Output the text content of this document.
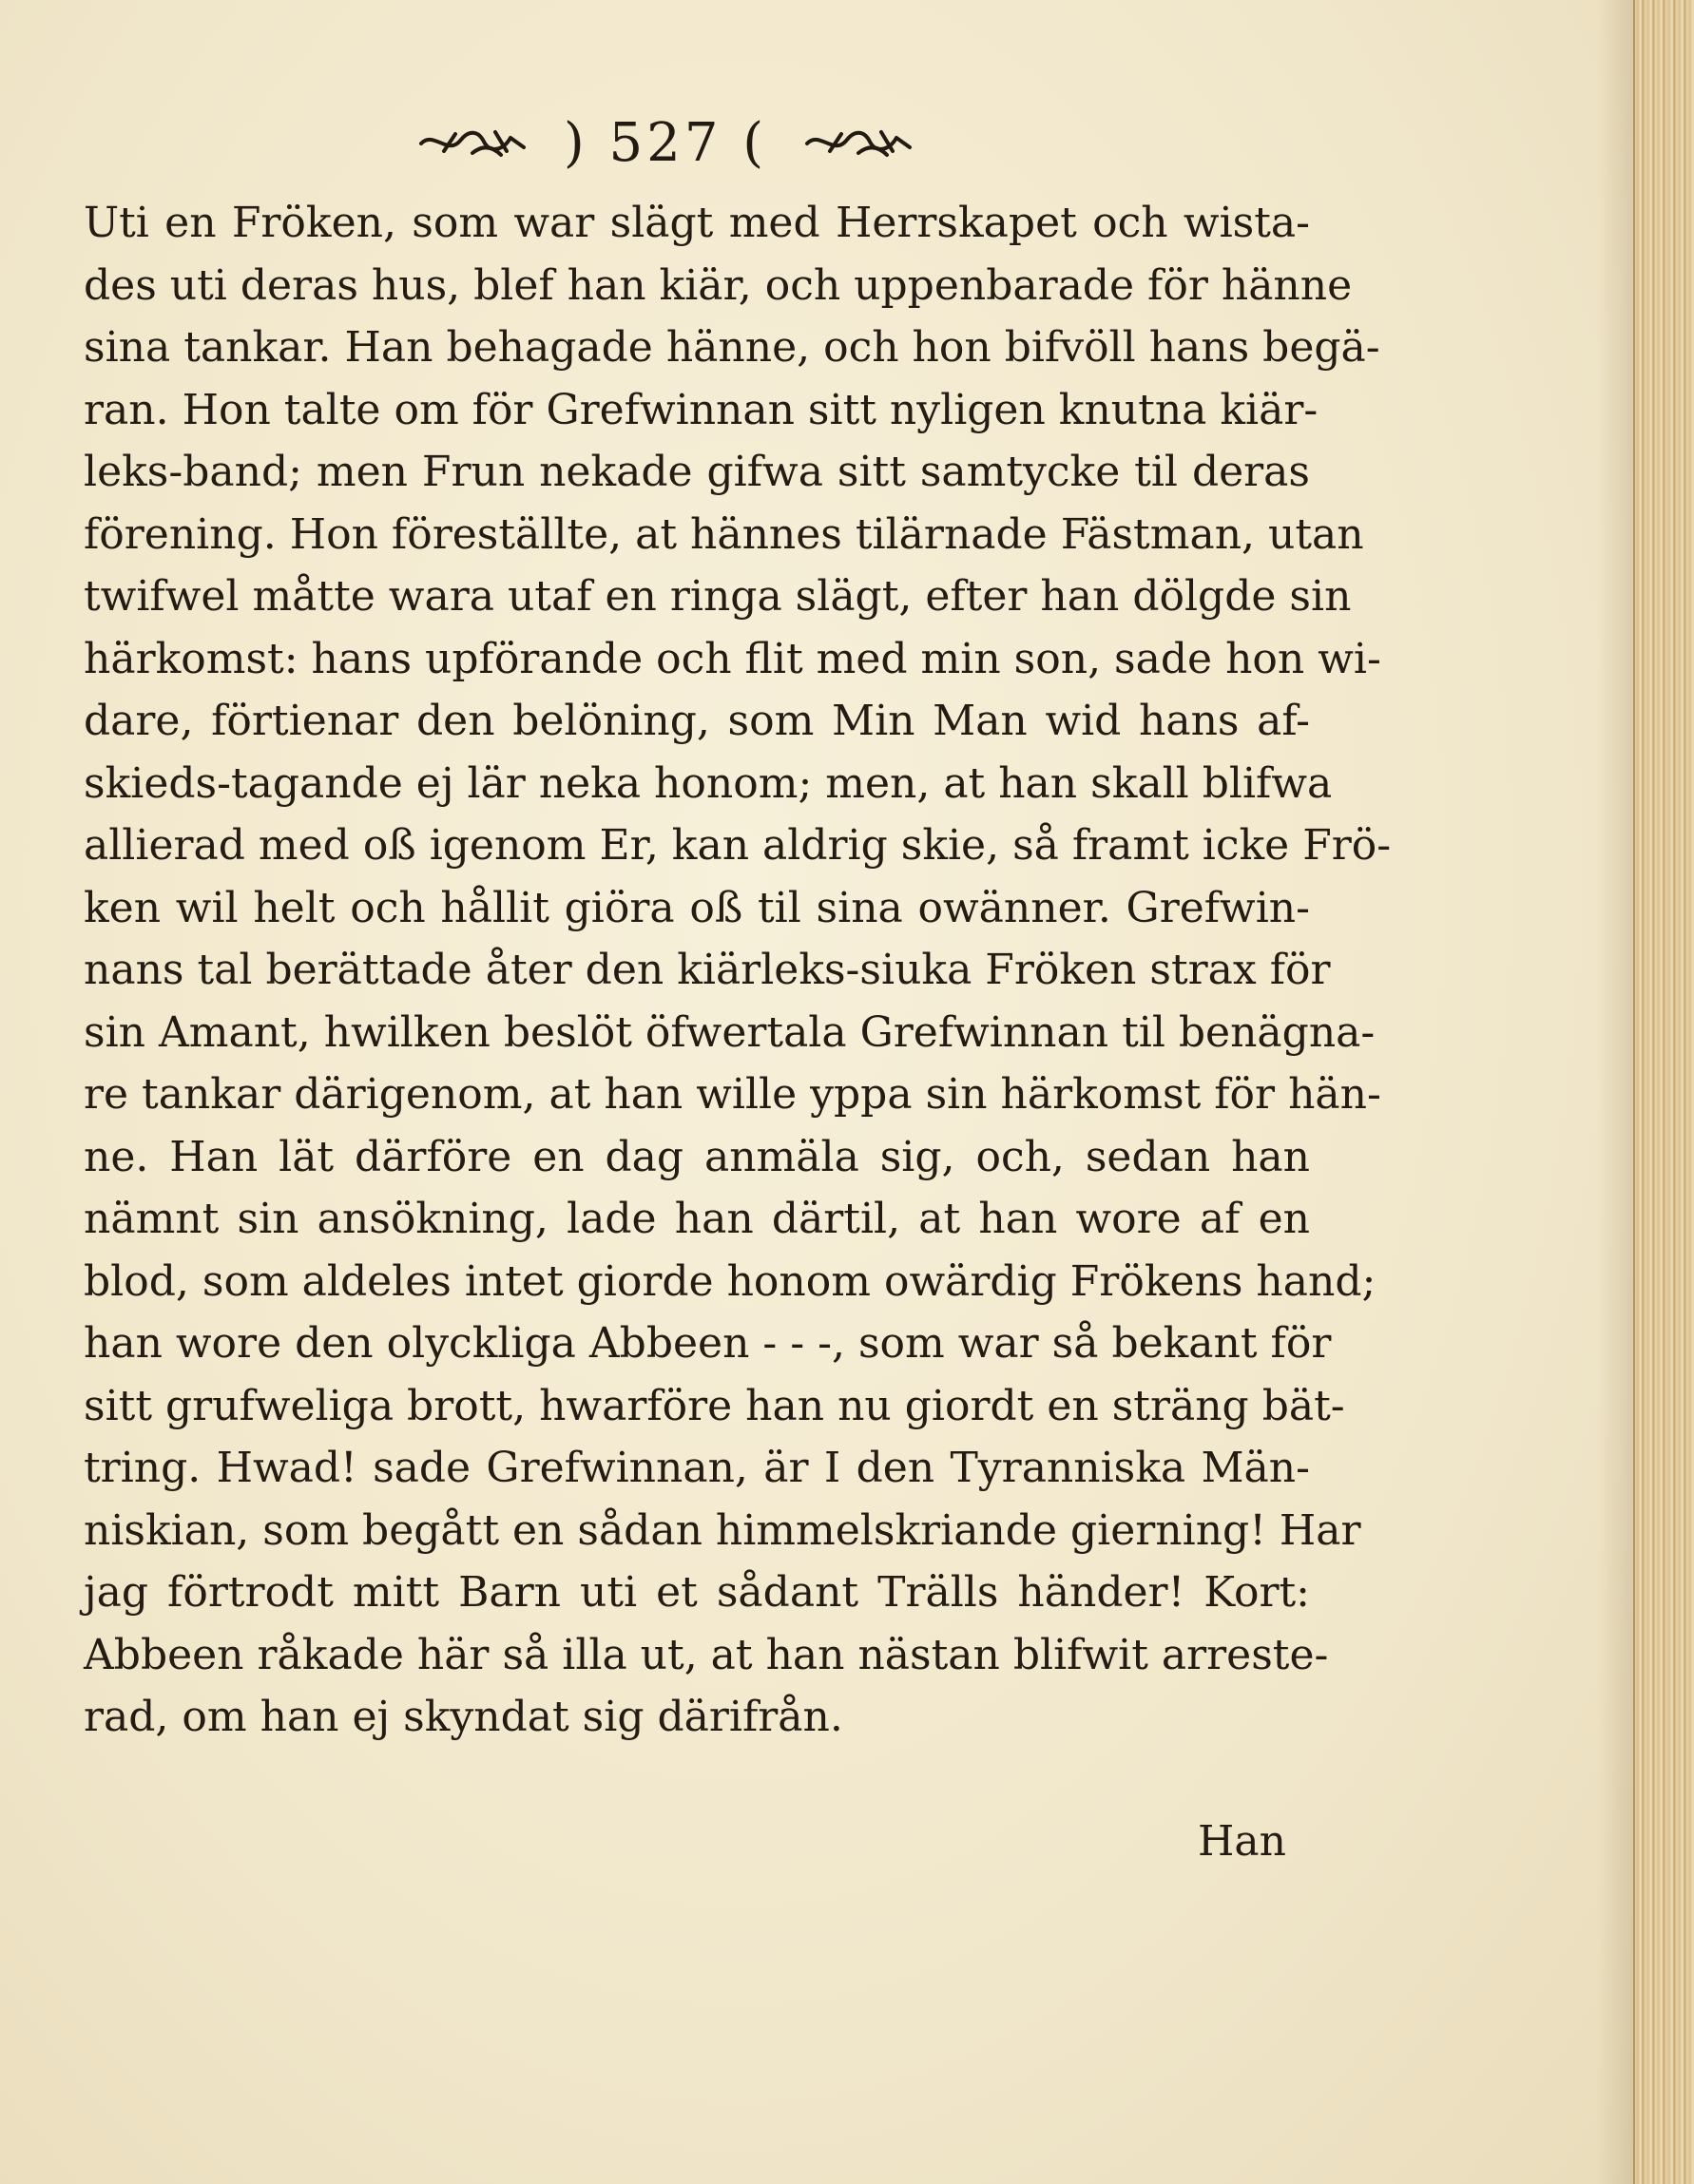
) 527 (
Uti en Fröken, som war slägt med Herrskapet och wista-
des uti deras hus, blef han kiär, och uppenbarade för hänne
sina tankar. Han behagade hänne, och hon bifvöll hans begä-
ran. Hon talte om för Grefwinnan sitt nyligen knutna kiär-
leks-band; men Frun nekade gifwa sitt samtycke til deras
förening. Hon föreställte, at hännes tilärnade Fästman, utan
twifwel måtte wara utaf en ringa slägt, efter han dölgde sin
härkomst: hans upförande och flit med min son, sade hon wi-
dare, förtienar den belöning, som Min Man wid hans af-
skieds-tagande ej lär neka honom; men, at han skall blifwa
allierad med oß igenom Er, kan aldrig skie, så framt icke Frö-
ken wil helt och hållit giöra oß til sina owänner. Grefwin-
nans tal berättade åter den kiärleks-siuka Fröken strax för
sin Amant, hwilken beslöt öfwertala Grefwinnan til benägna-
re tankar därigenom, at han wille yppa sin härkomst för hän-
ne. Han lät därföre en dag anmäla sig, och, sedan han
nämnt sin ansökning, lade han därtil, at han wore af en
blod, som aldeles intet giorde honom owärdig Frökens hand;
han wore den olyckliga Abbeen - - -, som war så bekant för
sitt grufweliga brott, hwarföre han nu giordt en sträng bät-
tring. Hwad! sade Grefwinnan, är I den Tyranniska Män-
niskian, som begått en sådan himmelskriande gierning! Har
jag förtrodt mitt Barn uti et sådant Trälls händer! Kort:
Abbeen råkade här så illa ut, at han nästan blifwit arreste-
rad, om han ej skyndat sig därifrån.
Han
